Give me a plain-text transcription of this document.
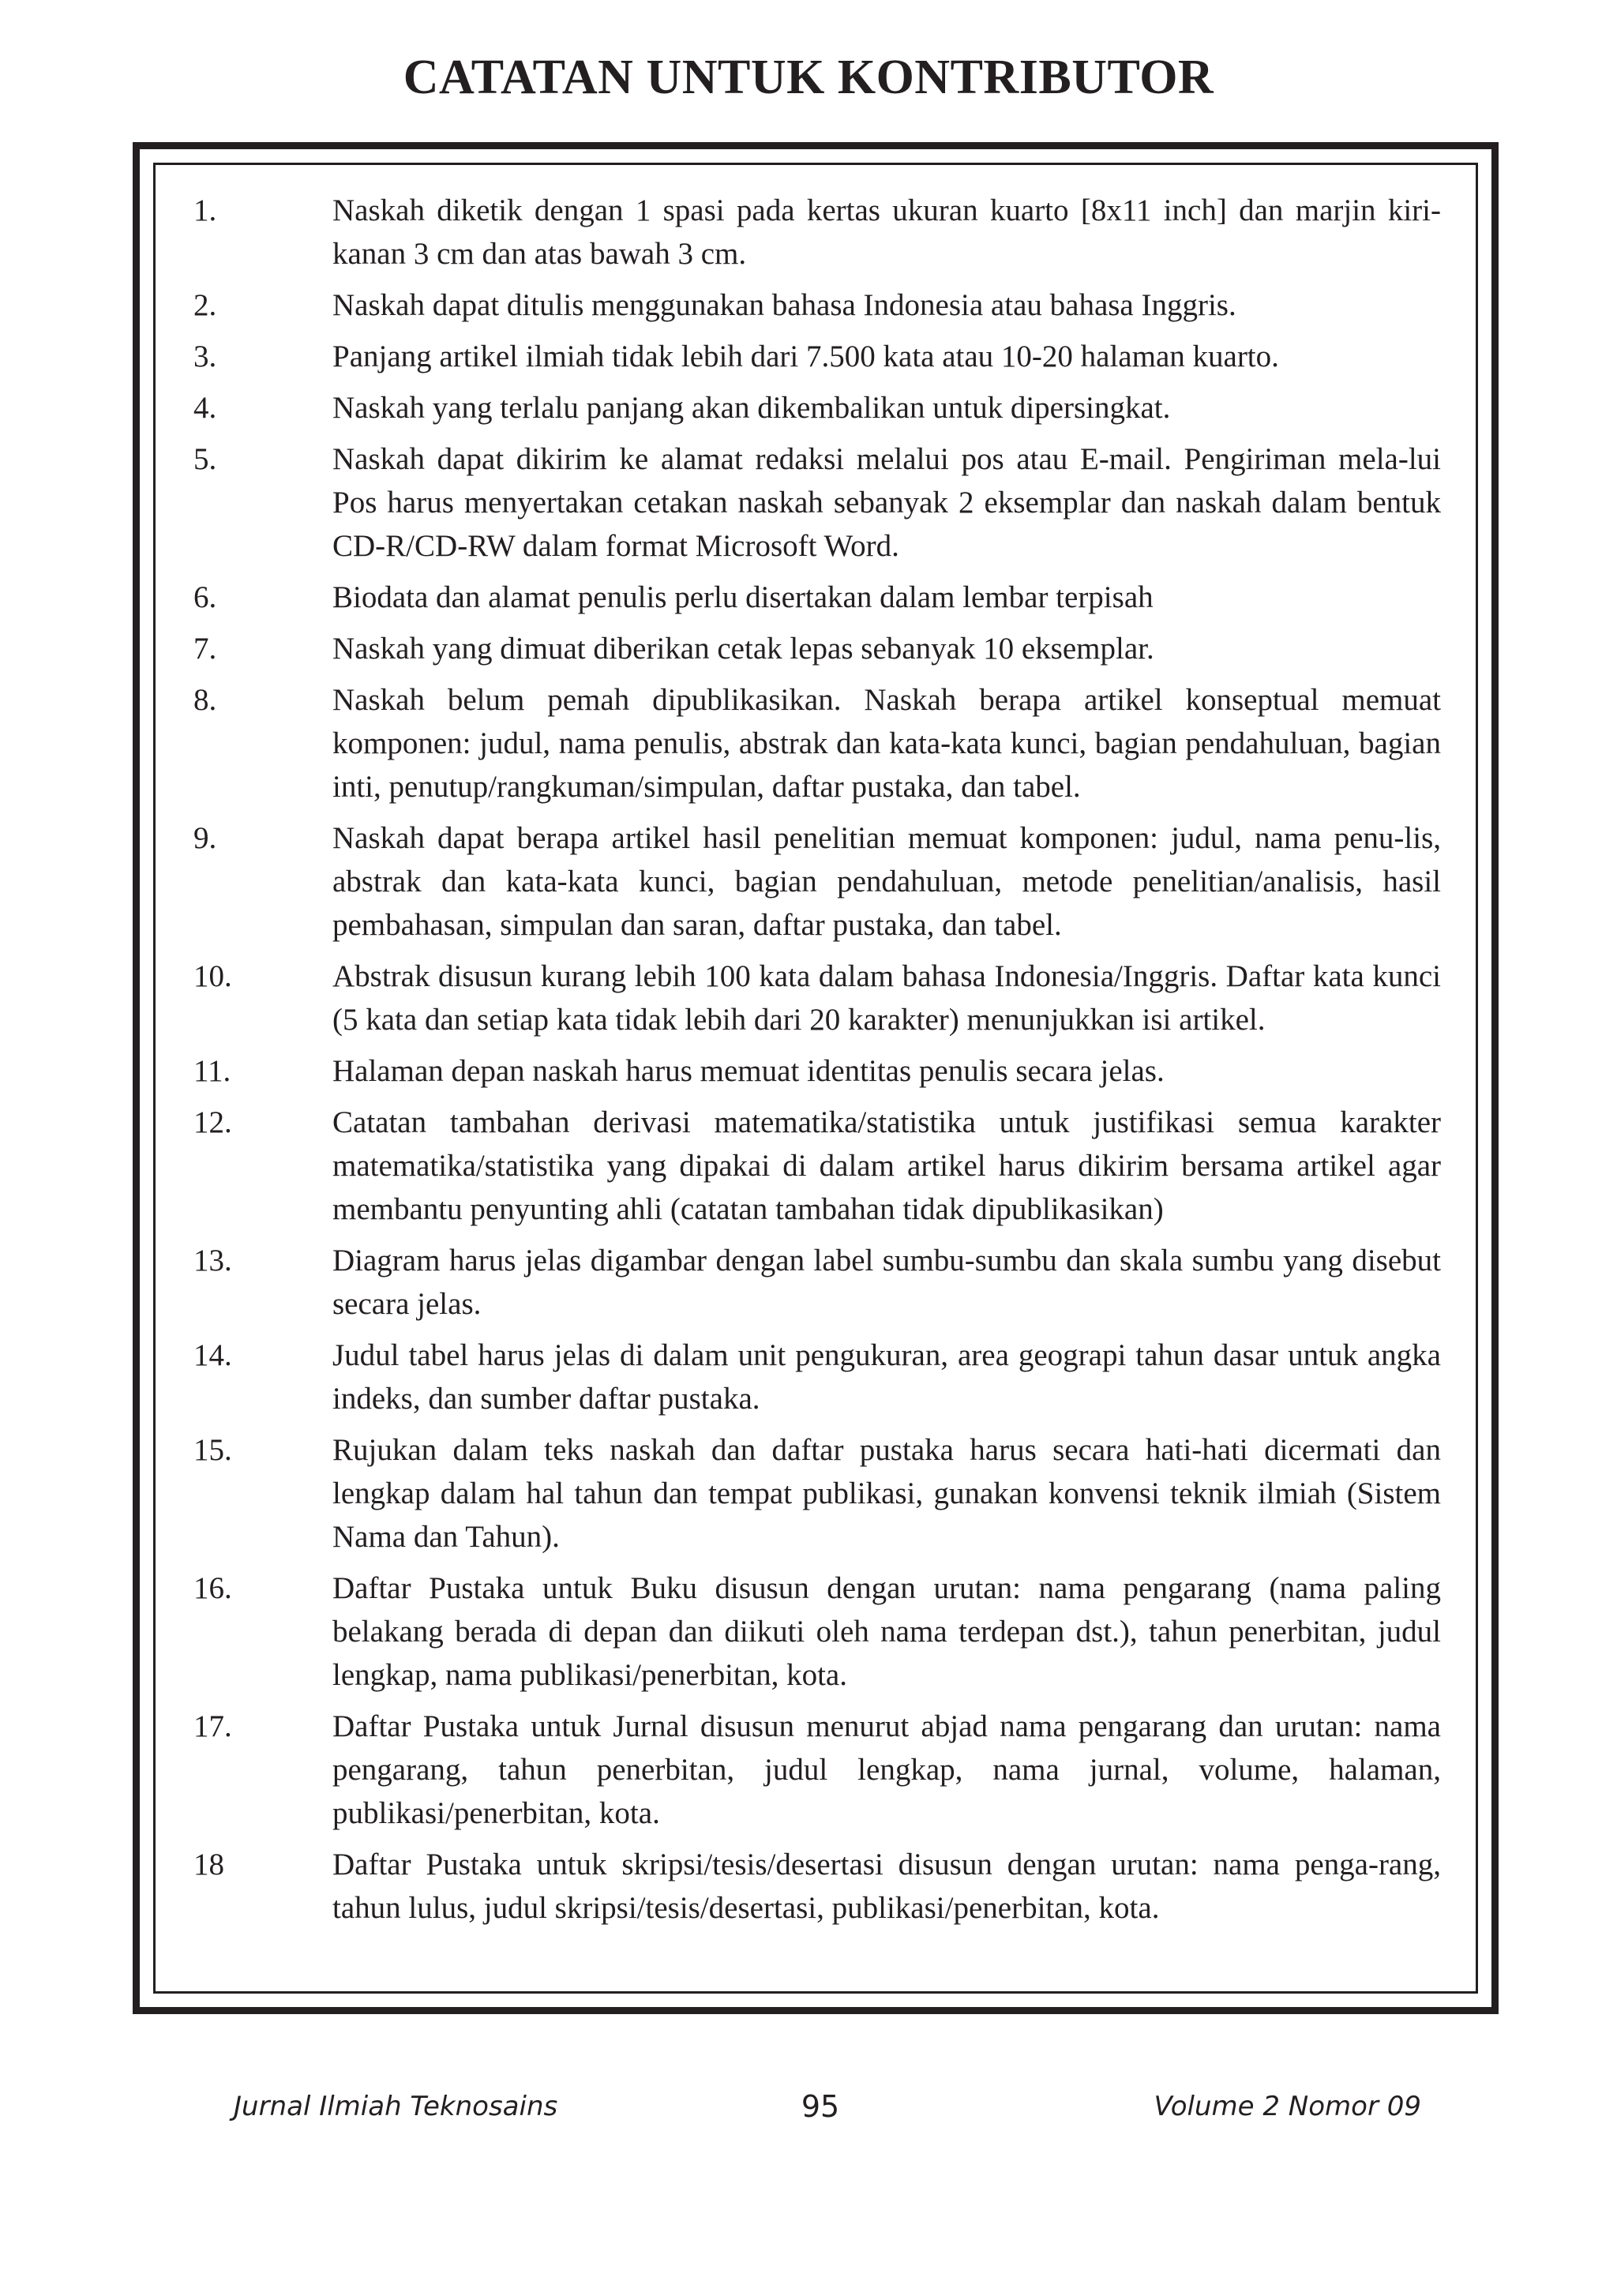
CATATAN UNTUK KONTRIBUTOR
1.	Naskah diketik dengan 1 spasi pada kertas ukuran kuarto [8x11 inch] dan marjin kiri-kanan 3 cm dan atas bawah 3 cm.
2.	Naskah dapat ditulis menggunakan bahasa Indonesia atau bahasa Inggris.
3.	Panjang artikel ilmiah tidak lebih dari 7.500 kata atau 10-20 halaman kuarto.
4.	Naskah yang terlalu panjang akan dikembalikan untuk dipersingkat.
5.	Naskah dapat dikirim ke alamat redaksi melalui pos atau E-mail. Pengiriman mela-lui Pos harus menyertakan cetakan naskah sebanyak 2 eksemplar dan naskah dalam bentuk CD-R/CD-RW dalam format Microsoft Word.
6.	Biodata dan alamat penulis perlu disertakan dalam lembar terpisah
7.	Naskah yang dimuat diberikan cetak lepas sebanyak 10 eksemplar.
8.	Naskah belum pemah dipublikasikan. Naskah berapa artikel konseptual memuat komponen: judul, nama penulis, abstrak dan kata-kata kunci, bagian pendahuluan, bagian inti, penutup/rangkuman/simpulan, daftar pustaka, dan tabel.
9.	Naskah dapat berapa artikel hasil penelitian memuat komponen: judul, nama penu-lis, abstrak dan kata-kata kunci, bagian pendahuluan, metode penelitian/analisis, hasil pembahasan, simpulan dan saran, daftar pustaka, dan tabel.
10.	Abstrak disusun kurang lebih 100 kata dalam bahasa Indonesia/Inggris. Daftar kata kunci (5 kata dan setiap kata tidak lebih dari 20 karakter) menunjukkan isi artikel.
11.	Halaman depan naskah harus memuat identitas penulis secara jelas.
12.	Catatan tambahan derivasi matematika/statistika untuk justifikasi semua karakter matematika/statistika yang dipakai di dalam artikel harus dikirim bersama artikel agar membantu penyunting ahli (catatan tambahan tidak dipublikasikan)
13.	Diagram harus jelas digambar dengan label sumbu-sumbu dan skala sumbu yang disebut secara jelas.
14.	Judul tabel harus jelas di dalam unit pengukuran, area geograpi tahun dasar untuk angka indeks, dan sumber daftar pustaka.
15.	Rujukan dalam teks naskah dan daftar pustaka harus secara hati-hati dicermati dan lengkap dalam hal tahun dan tempat publikasi, gunakan konvensi teknik ilmiah (Sistem Nama dan Tahun).
16.	Daftar Pustaka untuk Buku disusun dengan urutan: nama pengarang (nama paling belakang berada di depan dan diikuti oleh nama terdepan dst.), tahun penerbitan, judul lengkap, nama publikasi/penerbitan, kota.
17.	Daftar Pustaka untuk Jurnal disusun menurut abjad nama pengarang dan urutan: nama pengarang, tahun penerbitan, judul lengkap, nama jurnal, volume, halaman, publikasi/penerbitan, kota.
18	Daftar Pustaka untuk skripsi/tesis/desertasi disusun dengan urutan: nama penga-rang, tahun lulus, judul skripsi/tesis/desertasi, publikasi/penerbitan, kota.
Jurnal Ilmiah Teknosains	95	Volume 2 Nomor 09
